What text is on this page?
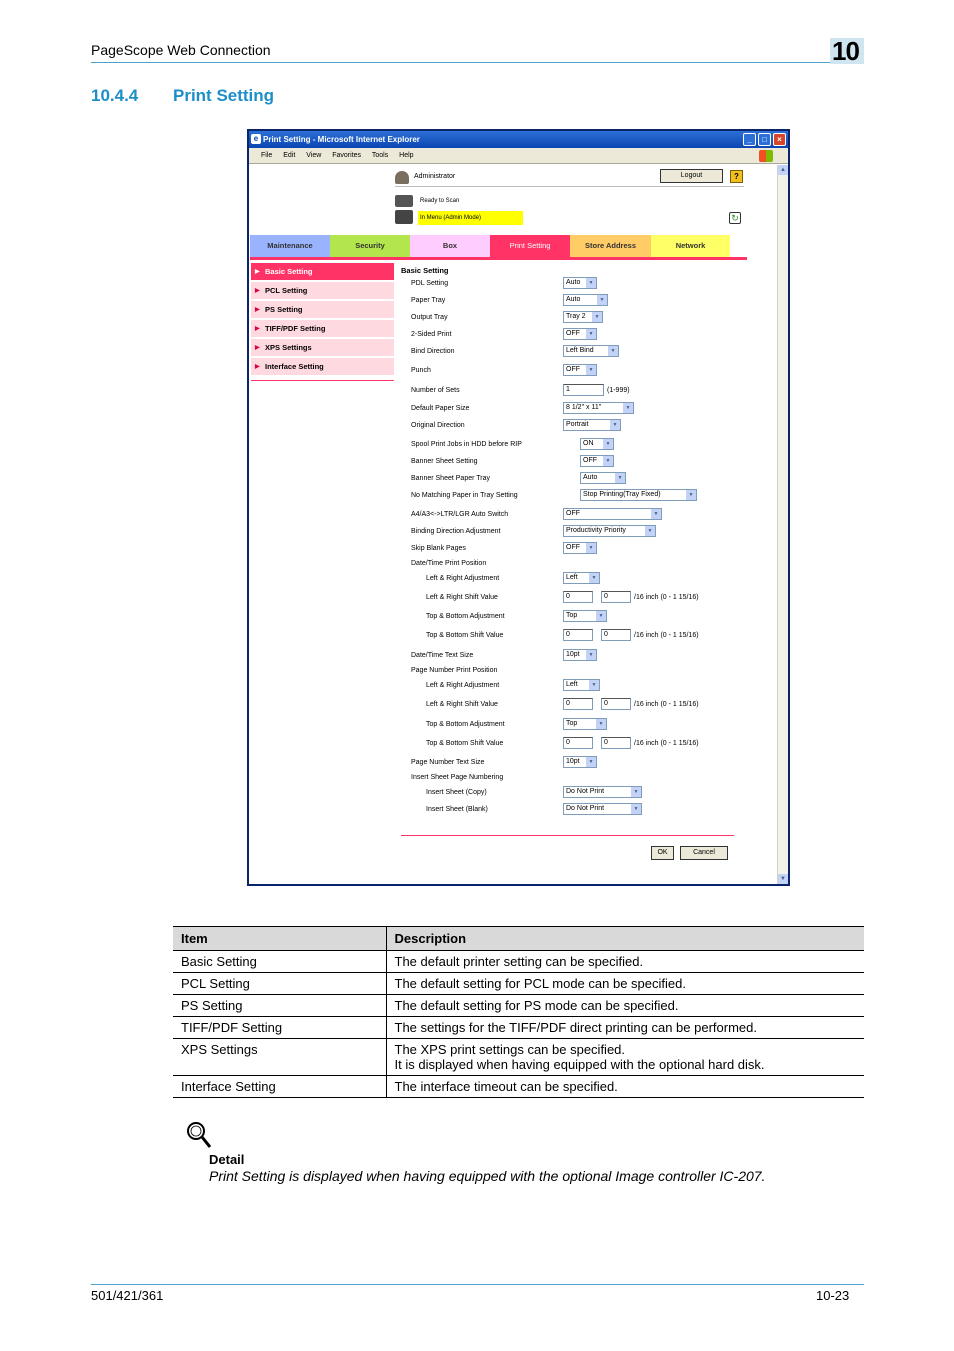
PageScope Web Connection	10
10.4.4 Print Setting
e Print Setting - Microsoft Internet Explorer	_	□	×
File Edit View Favorites Tools Help
Administrator	Logout	?
Ready to Scan
In Menu (Admin Mode)	↻
Maintenance	Security	Box	Print Setting	Store Address	Network
▶ Basic Setting
▶ PCL Setting
▶ PS Setting
▶ TIFF/PDF Setting
▶ XPS Settings
▶ Interface Setting
Basic Setting
PDL Setting	Auto ▼
Paper Tray	Auto ▼
Output Tray	Tray 2 ▼
2-Sided Print	OFF ▼
Bind Direction	Left Bind ▼
Punch	OFF ▼
Number of Sets	1	(1-999)
Default Paper Size	8 1/2" x 11" ▼
Original Direction	Portrait ▼
Spool Print Jobs in HDD before RIP	ON ▼
Banner Sheet Setting	OFF ▼
Banner Sheet Paper Tray	Auto ▼
No Matching Paper in Tray Setting	Stop Printing(Tray Fixed) ▼
A4/A3<->LTR/LGR Auto Switch	OFF ▼
Binding Direction Adjustment	Productivity Priority ▼
Skip Blank Pages	OFF ▼
Date/Time Print Position
Left & Right Adjustment	Left ▼
Left & Right Shift Value	0	0	/16 inch (0 - 1 15/16)
Top & Bottom Adjustment	Top ▼
Top & Bottom Shift Value	0	0	/16 inch (0 - 1 15/16)
Date/Time Text Size	10pt ▼
Page Number Print Position
Left & Right Adjustment	Left ▼
Left & Right Shift Value	0	0	/16 inch (0 - 1 15/16)
Top & Bottom Adjustment	Top ▼
Top & Bottom Shift Value	0	0	/16 inch (0 - 1 15/16)
Page Number Text Size	10pt ▼
Insert Sheet Page Numbering
Insert Sheet (Copy)	Do Not Print ▼
Insert Sheet (Blank)	Do Not Print ▼
OK	Cancel
▲
▼
Item	Description
Basic Setting	The default printer setting can be specified.
PCL Setting	The default setting for PCL mode can be specified.
PS Setting	The default setting for PS mode can be specified.
TIFF/PDF Setting	The settings for the TIFF/PDF direct printing can be performed.
XPS Settings	The XPS print settings can be specified.
It is displayed when having equipped with the optional hard disk.

Interface Setting	The interface timeout can be specified.
Detail
Print Setting is displayed when having equipped with the optional Image controller IC-207.
501/421/361	10-23
